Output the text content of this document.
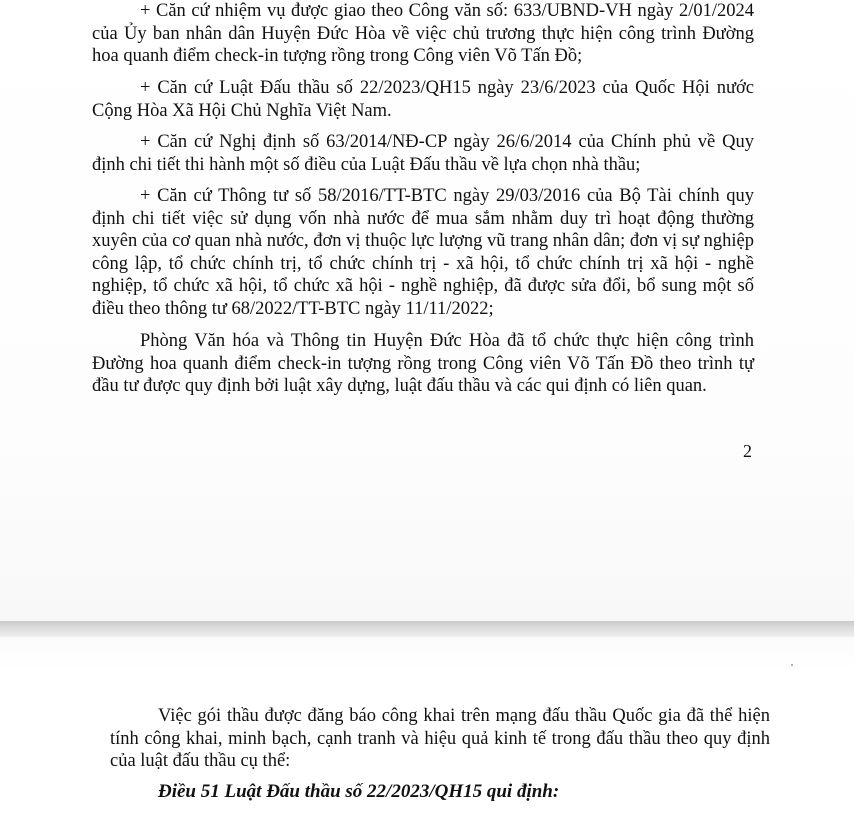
+ Căn cứ nhiệm vụ được giao theo Công văn số: 633/UBND-VH ngày 2/01/2024 của Ủy ban nhân dân Huyện Đức Hòa về việc chủ trương thực hiện công trình Đường hoa quanh điểm check-in tượng rồng trong Công viên Võ Tấn Đồ;

+ Căn cứ Luật Đấu thầu số 22/2023/QH15 ngày 23/6/2023 của Quốc Hội nước Cộng Hòa Xã Hội Chủ Nghĩa Việt Nam.

+ Căn cứ Nghị định số 63/2014/NĐ-CP ngày 26/6/2014 của Chính phủ về Quy định chi tiết thi hành một số điều của Luật Đấu thầu về lựa chọn nhà thầu;

+ Căn cứ Thông tư số 58/2016/TT-BTC ngày 29/03/2016 của Bộ Tài chính quy định chi tiết việc sử dụng vốn nhà nước để mua sắm nhằm duy trì hoạt động thường xuyên của cơ quan nhà nước, đơn vị thuộc lực lượng vũ trang nhân dân; đơn vị sự nghiệp công lập, tổ chức chính trị, tổ chức chính trị - xã hội, tổ chức chính trị xã hội - nghề nghiệp, tổ chức xã hội, tổ chức xã hội - nghề nghiệp, đã được sửa đổi, bổ sung một số điều theo thông tư 68/2022/TT-BTC ngày 11/11/2022;

Phòng Văn hóa và Thông tin Huyện Đức Hòa đã tổ chức thực hiện công trình Đường hoa quanh điểm check-in tượng rồng trong Công viên Võ Tấn Đồ theo trình tự đầu tư được quy định bởi luật xây dựng, luật đấu thầu và các qui định có liên quan.

2

Việc gói thầu được đăng báo công khai trên mạng đấu thầu Quốc gia đã thể hiện tính công khai, minh bạch, cạnh tranh và hiệu quả kinh tế trong đấu thầu theo quy định của luật đấu thầu cụ thể:

Điều 51 Luật Đấu thầu số 22/2023/QH15 qui định:
